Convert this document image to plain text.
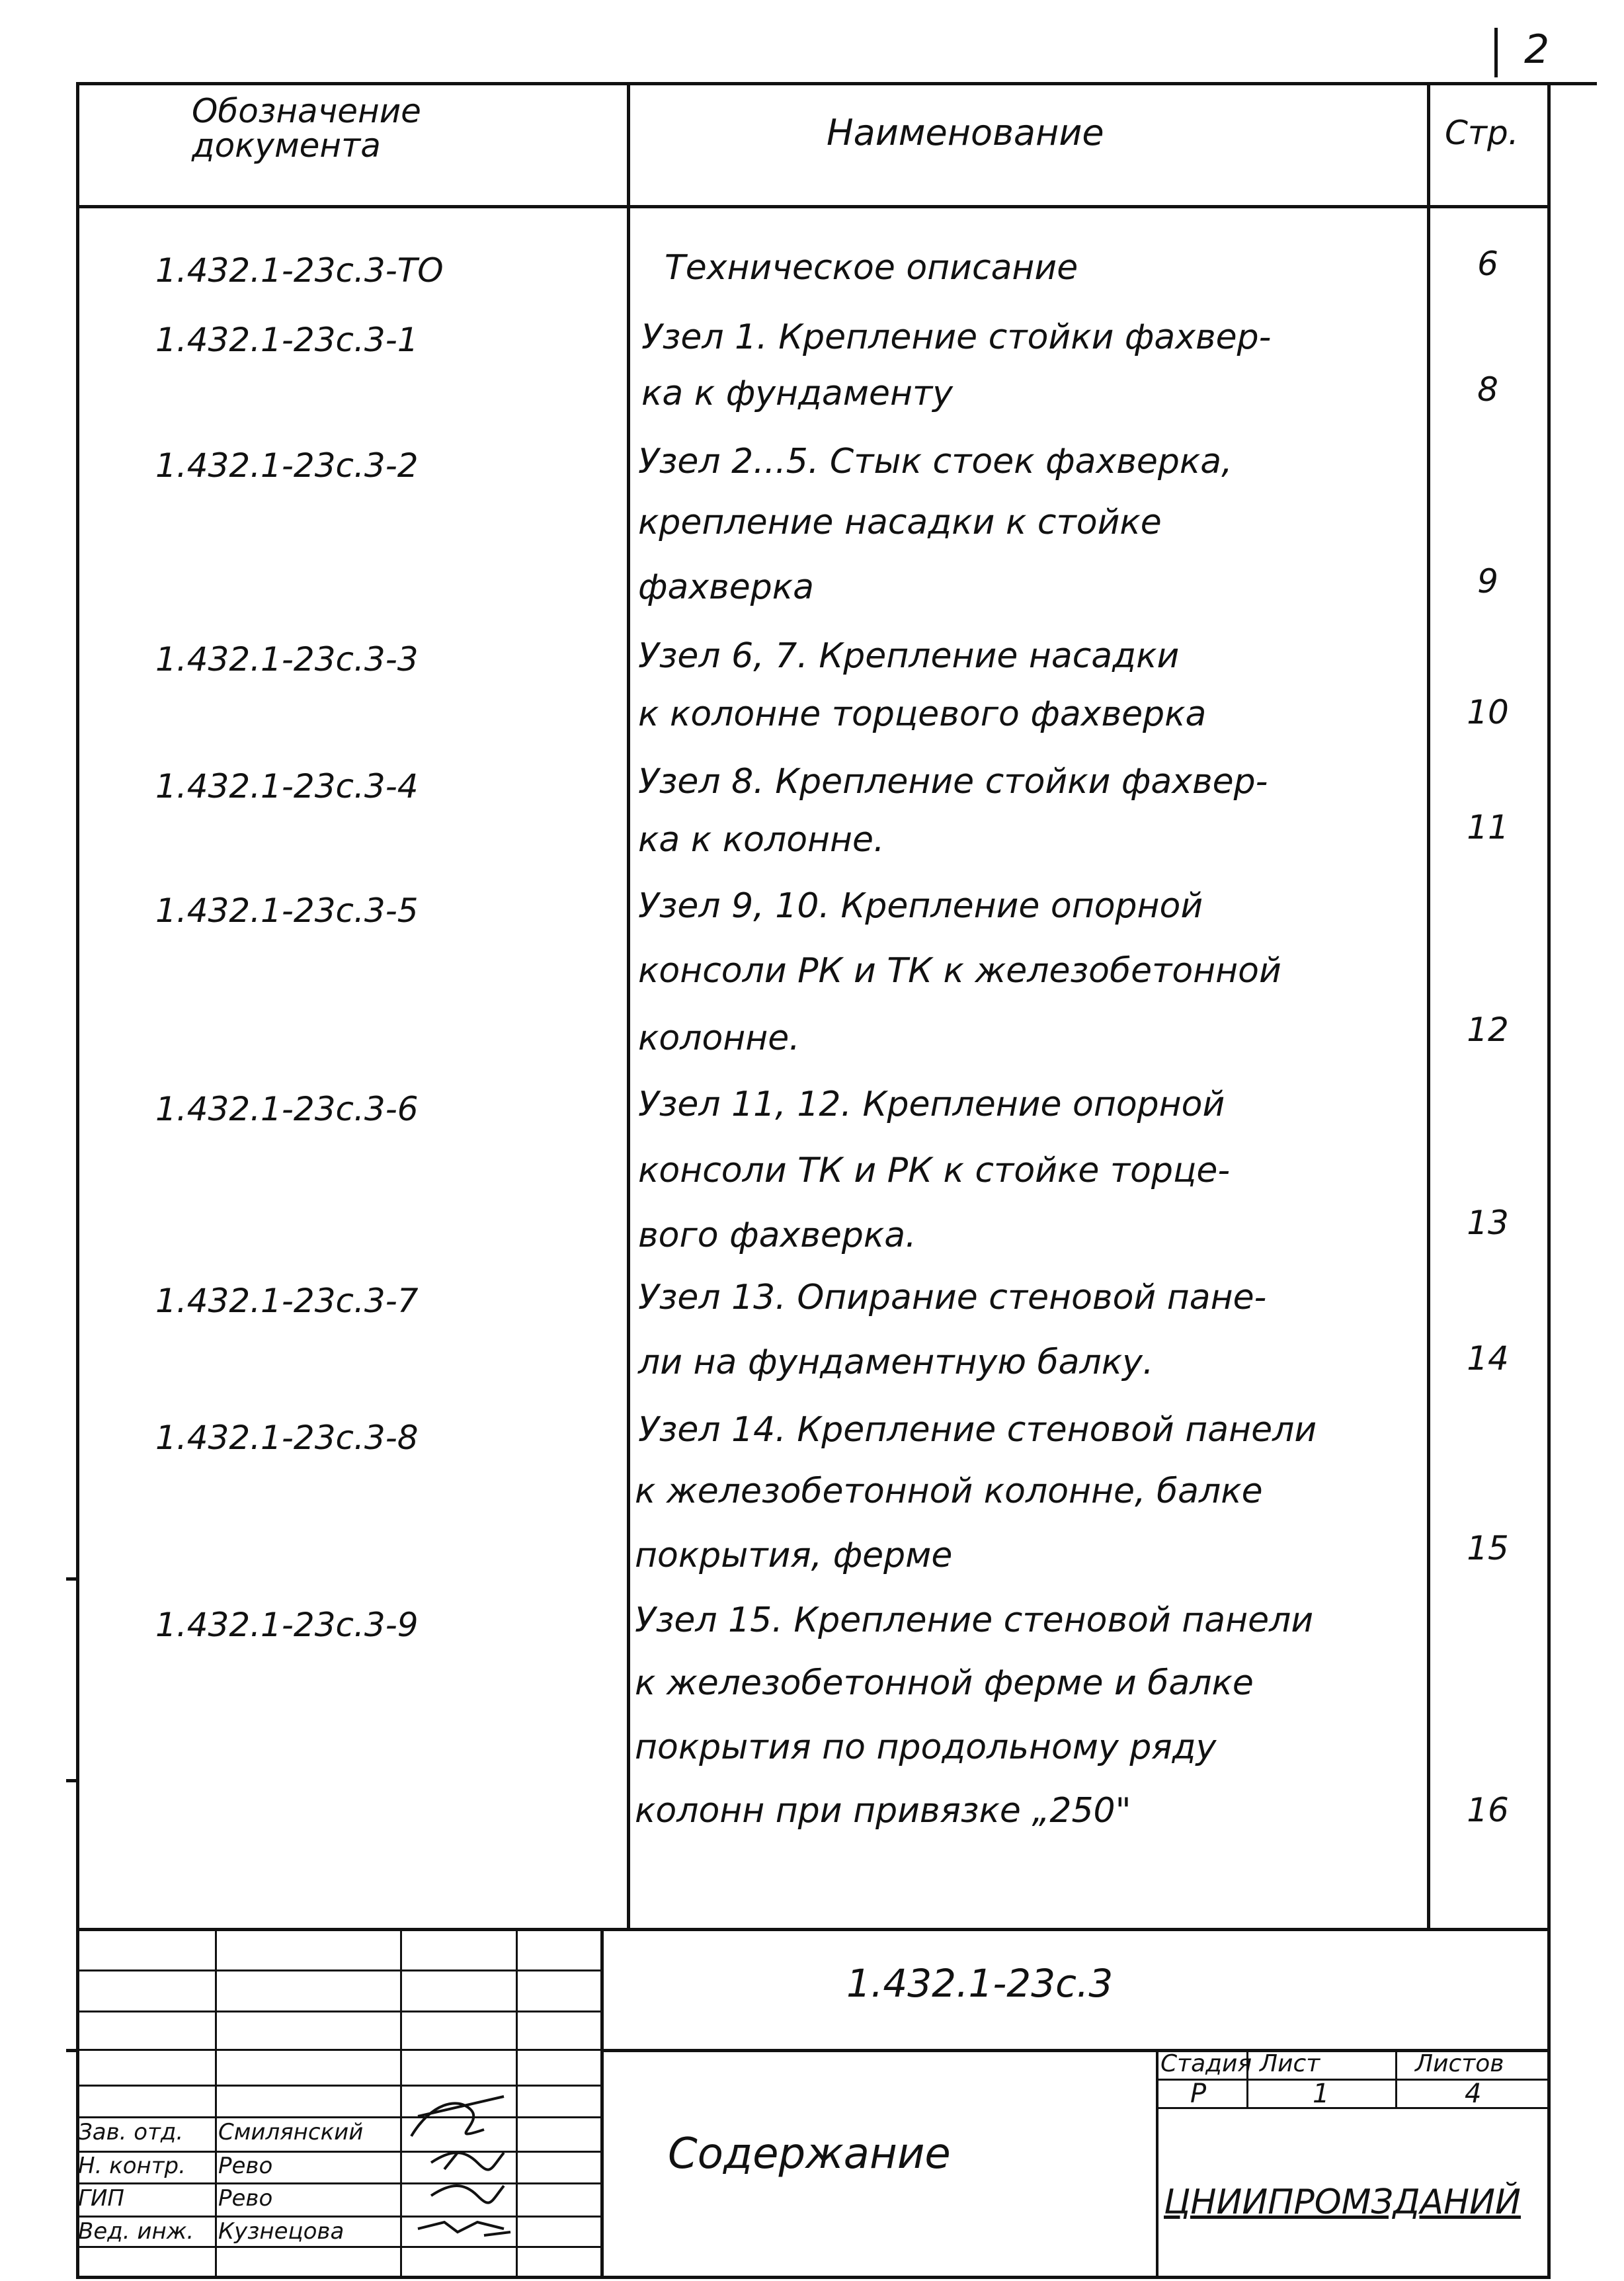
2
Обозначение
документа	Наименование	Стр.
1.432.1-23с.3-ТО	Техническое описание	6
1.432.1-23с.3-1	Узел 1. Крепление стойки фахвер-
ка к фундаменту	8
1.432.1-23с.3-2	Узел 2...5. Стык стоек фахверка,
крепление насадки к стойке
фахверка	9
1.432.1-23с.3-3	Узел 6, 7. Крепление насадки
к колонне торцевого фахверка	10
1.432.1-23с.3-4	Узел 8. Крепление стойки фахвер-
ка к колонне.	11
1.432.1-23с.3-5	Узел 9, 10. Крепление опорной
консоли РК и ТК к железобетонной
колонне.	12
1.432.1-23с.3-6	Узел 11, 12. Крепление опорной
консоли ТК и РК к стойке торце-
вого фахверка.	13
1.432.1-23с.3-7	Узел 13. Опирание стеновой пане-
ли на фундаментную балку.	14
1.432.1-23с.3-8	Узел 14. Крепление стеновой панели
к железобетонной колонне, балке
покрытия, ферме	15
1.432.1-23с.3-9	Узел 15. Крепление стеновой панели
к железобетонной ферме и балке
покрытия по продольному ряду
колонн при привязке „250"	16
1.432.1-23с.3
Стадия Лист	Листов
Р	1	4
Содержание
ЦНИИПРОМЗДАНИЙ
Зав. отд. Смилянский
Н. контр. Рево
ГИП	Рево
Вед. инж. Кузнецова
